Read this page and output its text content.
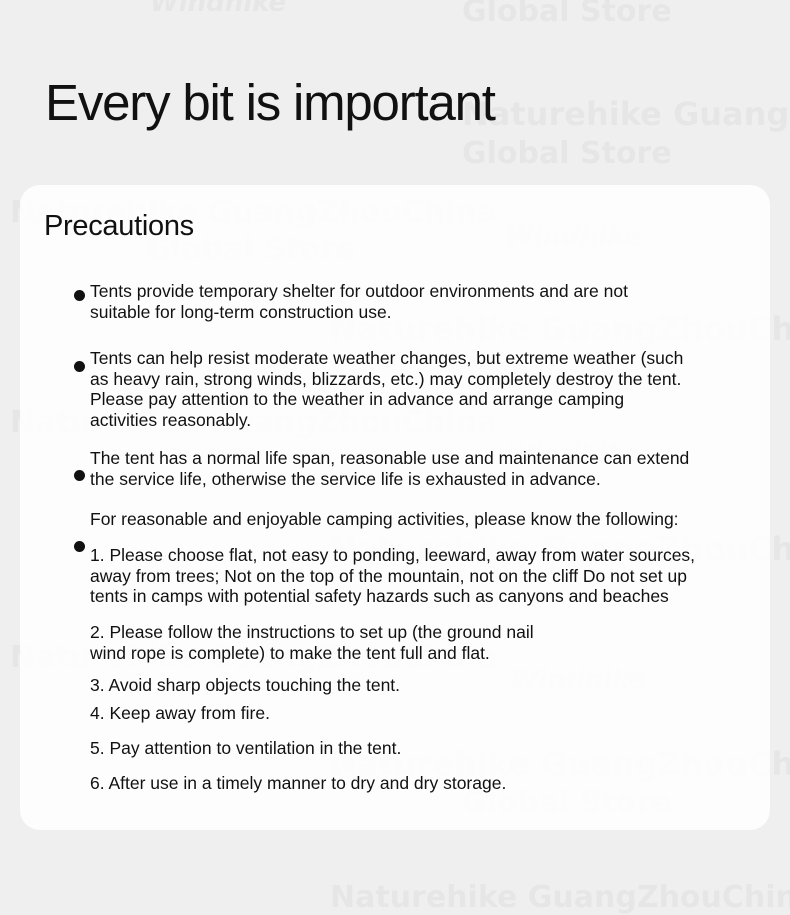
Every bit is important
Precautions
Tents provide temporary shelter for outdoor environments and are not
suitable for long-term construction use.
Tents can help resist moderate weather changes, but extreme weather (such
as heavy rain, strong winds, blizzards, etc.) may completely destroy the tent.
Please pay attention to the weather in advance and arrange camping
activities reasonably.
The tent has a normal life span, reasonable use and maintenance can extend
the service life, otherwise the service life is exhausted in advance.
For reasonable and enjoyable camping activities, please know the following:
1. Please choose flat, not easy to ponding, leeward, away from water sources,
away from trees; Not on the top of the mountain, not on the cliff Do not set up
tents in camps with potential safety hazards such as canyons and beaches
2. Please follow the instructions to set up (the ground nail
wind rope is complete) to make the tent full and flat.
3. Avoid sharp objects touching the tent.
4. Keep away from fire.
5. Pay attention to ventilation in the tent.
6. After use in a timely manner to dry and dry storage.
